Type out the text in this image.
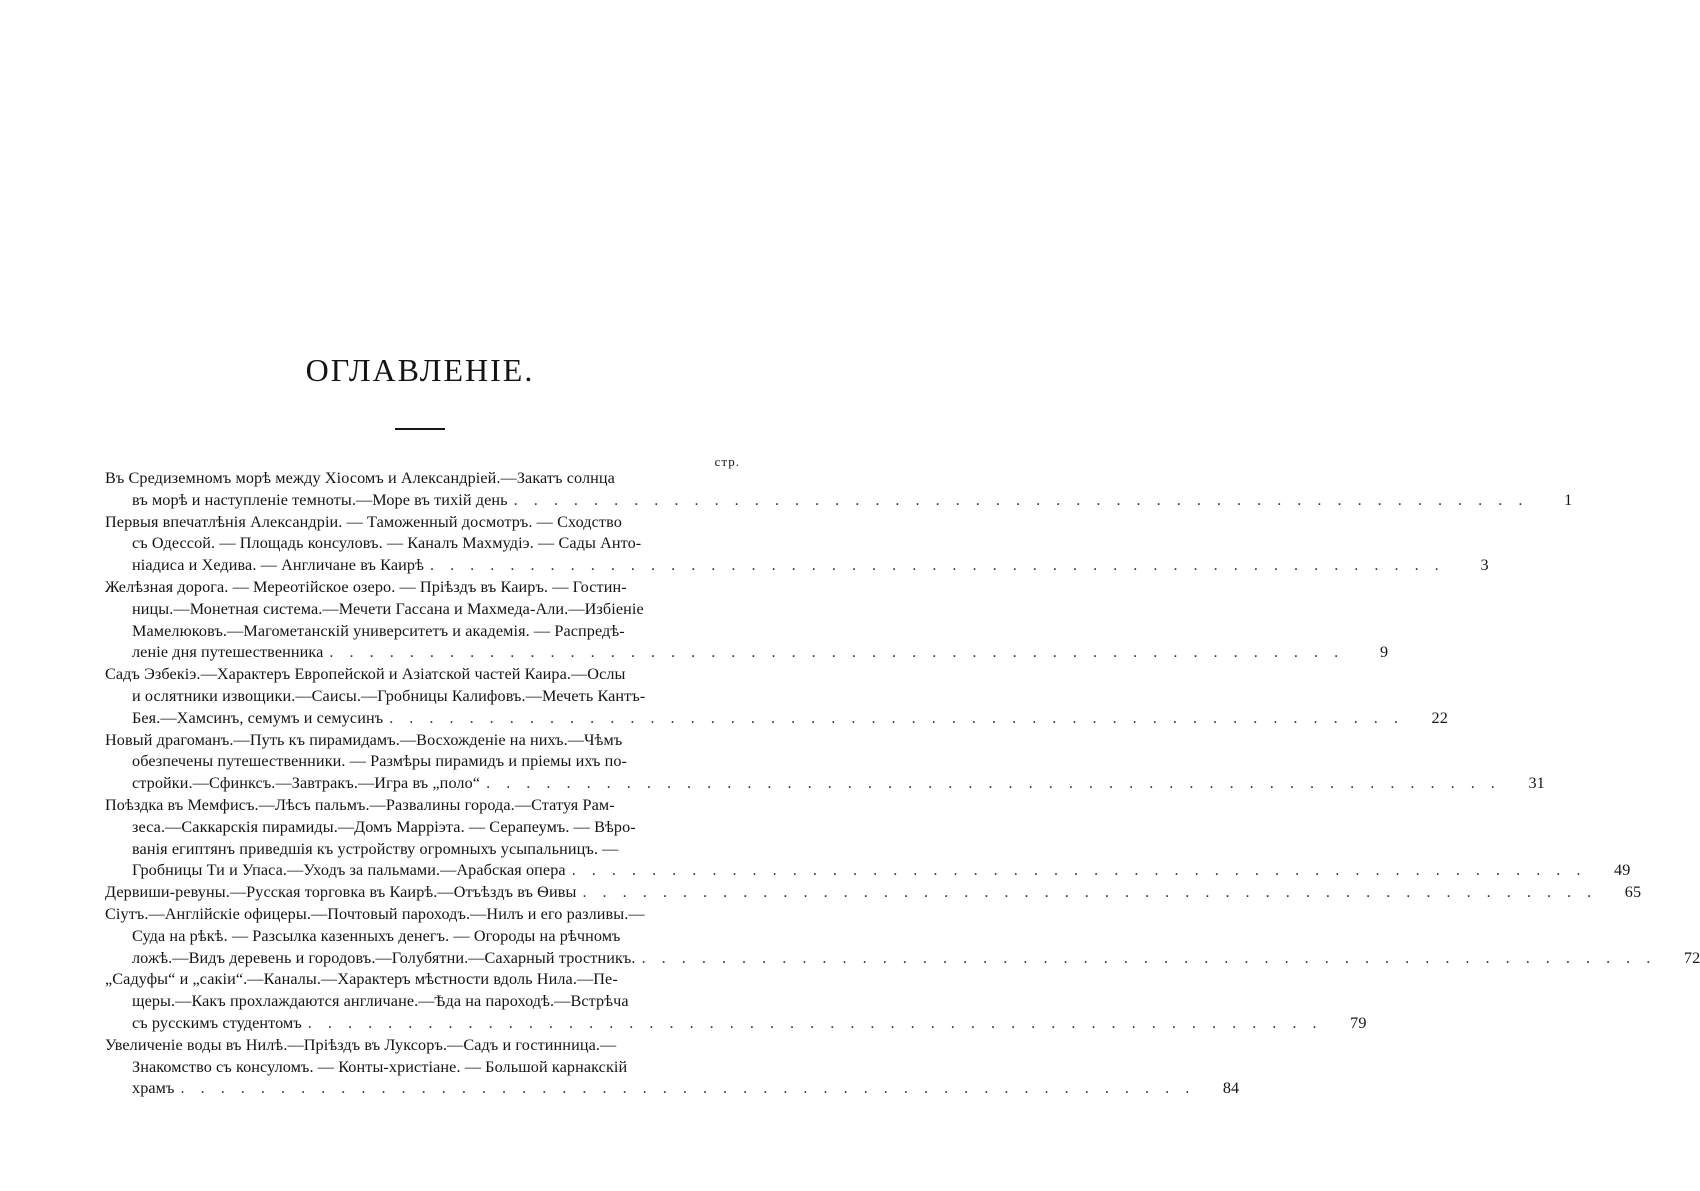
ОГЛАВЛЕНІЕ.
стр.
Въ Средиземномъ морѣ между Хіосомъ и Александріей.—Закатъ солнца
въ морѣ и наступленіе темноты.—Море въ тихій день . . . . . . . . . . . . . . . . . . . . . . . . . . . . . . . . . . . . . . . . . . . . . . . . . . .	1
Первыя впечатлѣнія Александріи. — Таможенный досмотръ. — Сходство
съ Одессой. — Площадь консуловъ. — Каналъ Махмудіэ. — Сады Анто-
ніадиса и Хедива. — Англичане въ Каирѣ . . . . . . . . . . . . . . . . . . . . . . . . . . . . . . . . . . . . . . . . . . . . . . . . . . .	3
Желѣзная дорога. — Мереотійское озеро. — Пріѣздъ въ Каиръ. — Гостин-
ницы.—Монетная система.—Мечети Гассана и Махмеда-Али.—Избіеніе
Мамелюковъ.—Магометанскій университетъ и академія. — Распредѣ-
леніе дня путешественника . . . . . . . . . . . . . . . . . . . . . . . . . . . . . . . . . . . . . . . . . . . . . . . . . . .	9
Садъ Эзбекіэ.—Характеръ Европейской и Азіатской частей Каира.—Ослы
и ослятники извощики.—Саисы.—Гробницы Калифовъ.—Мечеть Кантъ-
Бея.—Хамсинъ, семумъ и семусинъ . . . . . . . . . . . . . . . . . . . . . . . . . . . . . . . . . . . . . . . . . . . . . . . . . . .	22
Новый драгоманъ.—Путь къ пирамидамъ.—Восхожденіе на нихъ.—Чѣмъ
обезпечены путешественники. — Размѣры пирамидъ и пріемы ихъ по-
стройки.—Сфинксъ.—Завтракъ.—Игра въ „поло“ . . . . . . . . . . . . . . . . . . . . . . . . . . . . . . . . . . . . . . . . . . . . . . . . . . .	31
Поѣздка въ Мемфисъ.—Лѣсъ пальмъ.—Развалины города.—Статуя Рам-
зеса.—Саккарскія пирамиды.—Домъ Марріэта. — Серапеумъ. — Вѣро-
ванія египтянъ приведшія къ устройству огромныхъ усыпальницъ. —
Гробницы Ти и Упаса.—Уходъ за пальмами.—Арабская опера . . . . . . . . . . . . . . . . . . . . . . . . . . . . . . . . . . . . . . . . . . . . . . . . . . .	49
Дервиши-ревуны.—Русская торговка въ Каирѣ.—Отъѣздъ въ Ѳивы . . . . . . . . . . . . . . . . . . . . . . . . . . . . . . . . . . . . . . . . . . . . . . . . . . .	65
Сіутъ.—Англійскіе офицеры.—Почтовый пароходъ.—Нилъ и его разливы.—
Суда на рѣкѣ. — Разсылка казенныхъ денегъ. — Огороды на рѣчномъ
ложѣ.—Видъ деревень и городовъ.—Голубятни.—Сахарный тростникъ. . . . . . . . . . . . . . . . . . . . . . . . . . . . . . . . . . . . . . . . . . . . . . . . . . . .	72
„Садуфы“ и „сакіи“.—Каналы.—Характеръ мѣстности вдоль Нила.—Пе-
щеры.—Какъ прохлаждаются англичане.—Ѣда на пароходѣ.—Встрѣча
съ русскимъ студентомъ . . . . . . . . . . . . . . . . . . . . . . . . . . . . . . . . . . . . . . . . . . . . . . . . . . .	79
Увеличеніе воды въ Нилѣ.—Пріѣздъ въ Луксоръ.—Садъ и гостинница.—
Знакомство съ консуломъ. — Конты-христіане. — Большой карнакскій
храмъ . . . . . . . . . . . . . . . . . . . . . . . . . . . . . . . . . . . . . . . . . . . . . . . . . . .	84
